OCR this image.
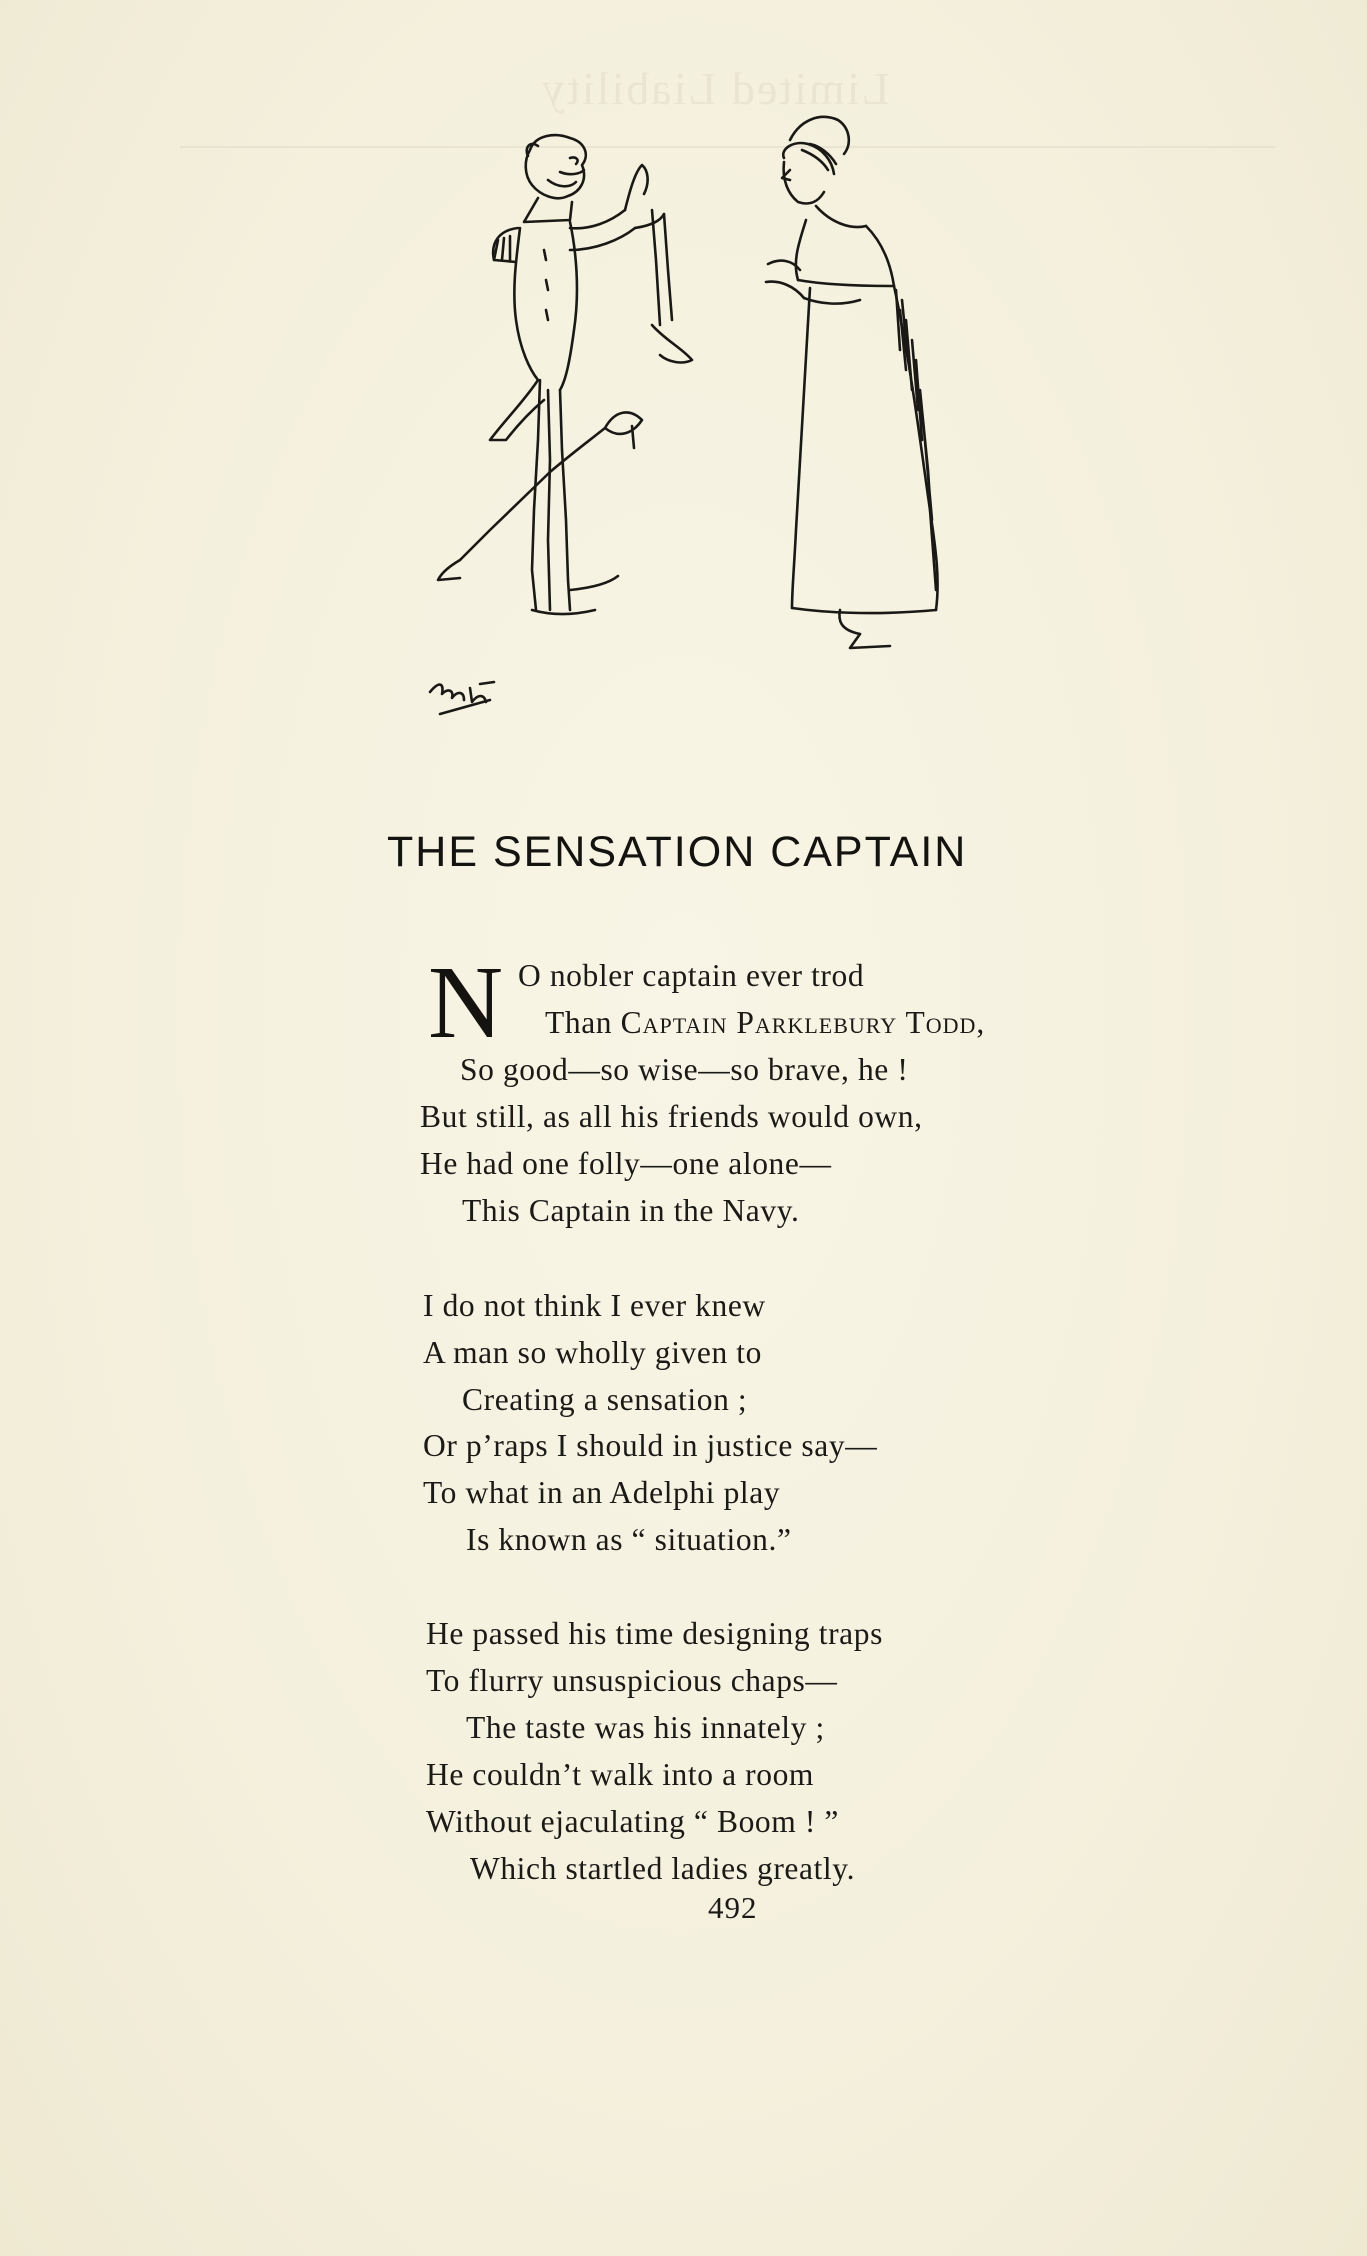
Limited Liability
THE SENSATION CAPTAIN
N O nobler captain ever trod
Than Captain Parklebury Todd,
So good—so wise—so brave, he !
But still, as all his friends would own,
He had one folly—one alone—
This Captain in the Navy.
I do not think I ever knew
A man so wholly given to
Creating a sensation ;
Or p’raps I should in justice say—
To what in an Adelphi play
Is known as “ situation.”
He passed his time designing traps
To flurry unsuspicious chaps—
The taste was his innately ;
He couldn’t walk into a room
Without ejaculating “ Boom ! ”
Which startled ladies greatly.
492
